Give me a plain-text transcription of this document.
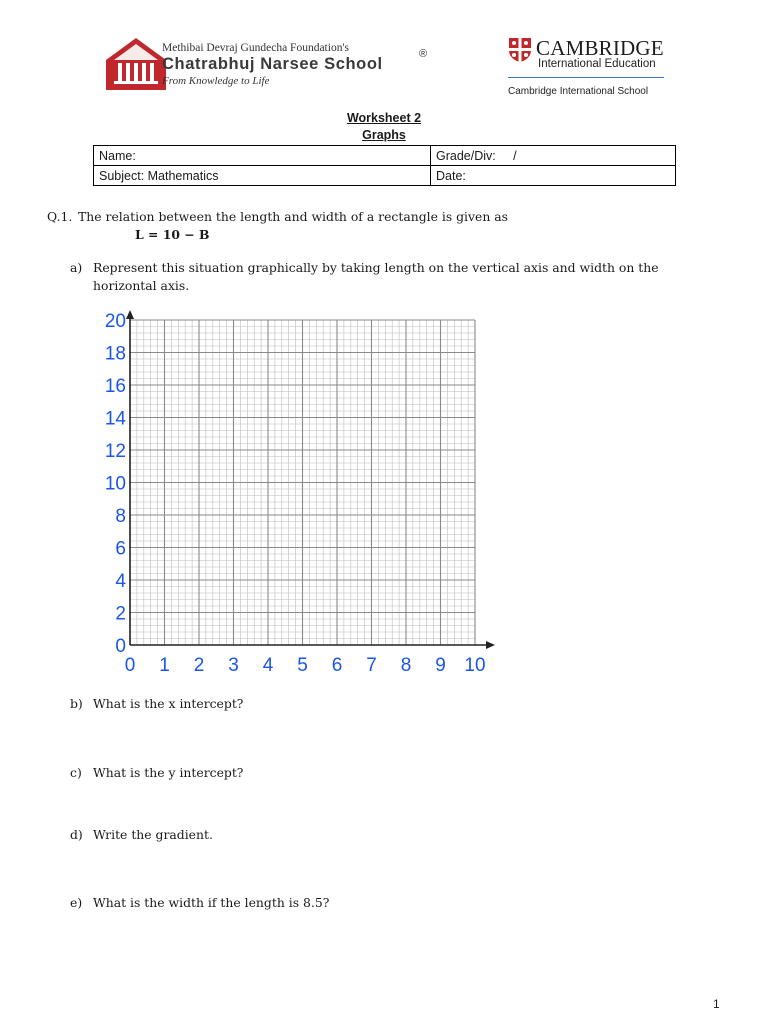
Methibai Devraj Gundecha Foundation's
Chatrabhuj Narsee School
®
From Knowledge to Life
CAMBRIDGE
International Education
Cambridge International School
Worksheet 2
Graphs
Name:	Grade/Div:     /
Subject: Mathematics	Date:
Q.1. The relation between the length and width of a rectangle is given as
L = 10 − B
a) Represent this situation graphically by taking length on the vertical axis and width on the
horizontal axis.
0 1 2 3 4 5 6 7 8 9 10
0
2
4
6
8
10
12
14
16
18
20
b) What is the x intercept?
c) What is the y intercept?
d) Write the gradient.
e) What is the width if the length is 8.5?
1
